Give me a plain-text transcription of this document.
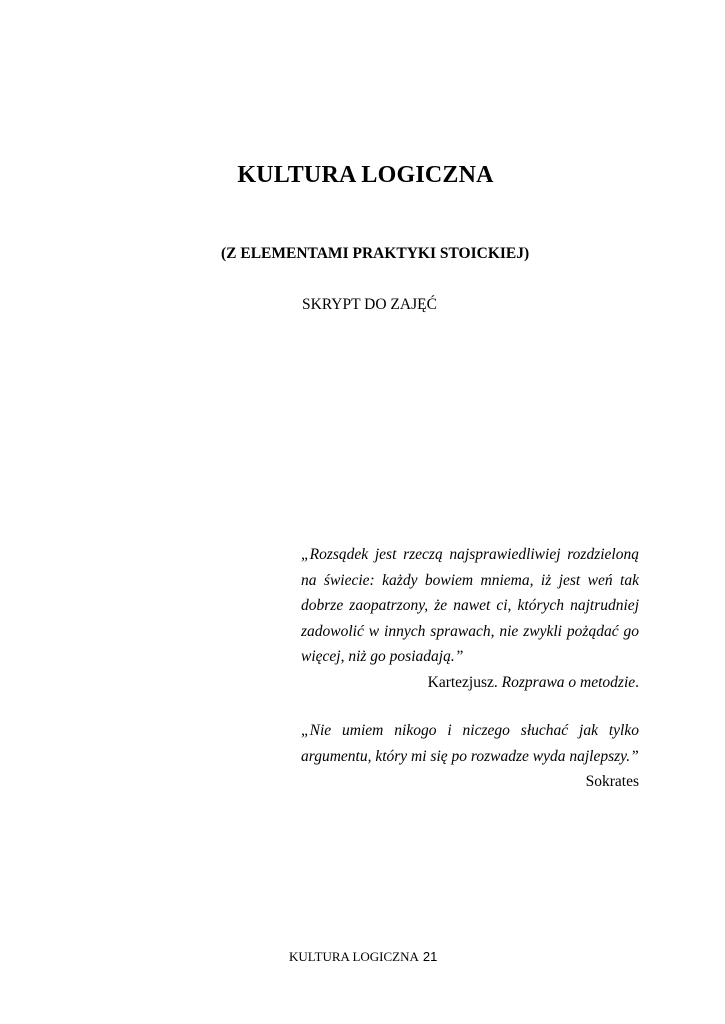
KULTURA LOGICZNA
(Z ELEMENTAMI PRAKTYKI STOICKIEJ)
SKRYPT DO ZAJĘĆ

„Rozsądek jest rzeczą najsprawiedliwiej rozdzieloną na świecie: każdy bowiem mniema, iż jest weń tak dobrze zaopatrzony, że nawet ci, których najtrudniej zadowolić w innych sprawach, nie zwykli pożądać go więcej, niż go posiadają.”

Kartezjusz. Rozprawa o metodzie.

„Nie umiem nikogo i niczego słuchać jak tylko argumentu, który mi się po rozwadze wyda najlepszy.”

Sokrates

KULTURA LOGICZNA 21
